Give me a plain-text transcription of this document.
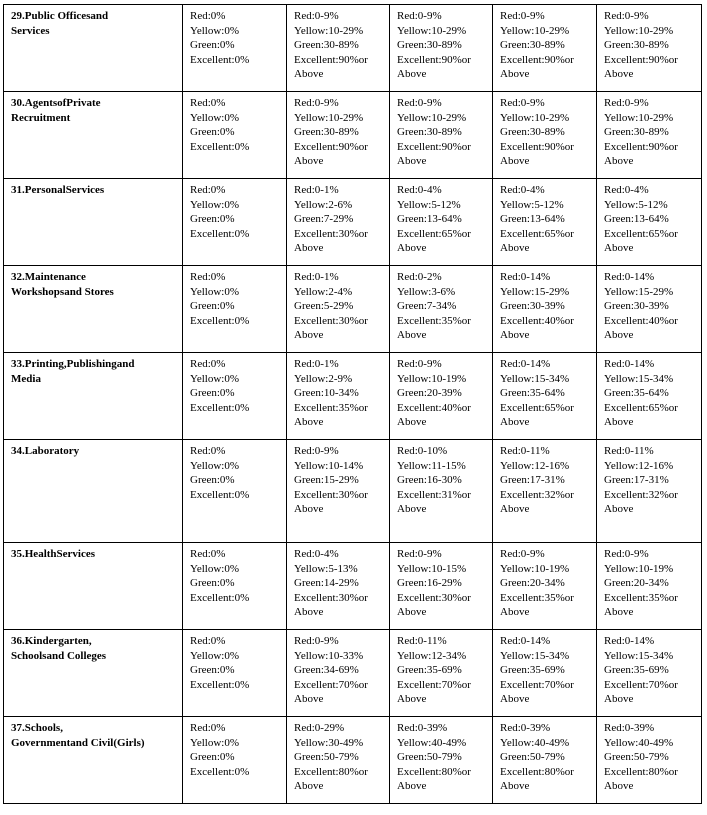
29.Public Officesand
Services	Red:0%
Yellow:0%
Green:0%
Excellent:0%	Red:0-9%
Yellow:10-29%
Green:30-89%
Excellent:90%or
Above	Red:0-9%
Yellow:10-29%
Green:30-89%
Excellent:90%or
Above	Red:0-9%
Yellow:10-29%
Green:30-89%
Excellent:90%or
Above	Red:0-9%
Yellow:10-29%
Green:30-89%
Excellent:90%or
Above

30.AgentsofPrivate
Recruitment	Red:0%
Yellow:0%
Green:0%
Excellent:0%	Red:0-9%
Yellow:10-29%
Green:30-89%
Excellent:90%or
Above	Red:0-9%
Yellow:10-29%
Green:30-89%
Excellent:90%or
Above	Red:0-9%
Yellow:10-29%
Green:30-89%
Excellent:90%or
Above	Red:0-9%
Yellow:10-29%
Green:30-89%
Excellent:90%or
Above

31.PersonalServices	Red:0%
Yellow:0%
Green:0%
Excellent:0%	Red:0-1%
Yellow:2-6%
Green:7-29%
Excellent:30%or
Above	Red:0-4%
Yellow:5-12%
Green:13-64%
Excellent:65%or
Above	Red:0-4%
Yellow:5-12%
Green:13-64%
Excellent:65%or
Above	Red:0-4%
Yellow:5-12%
Green:13-64%
Excellent:65%or
Above

32.Maintenance
Workshopsand Stores	Red:0%
Yellow:0%
Green:0%
Excellent:0%	Red:0-1%
Yellow:2-4%
Green:5-29%
Excellent:30%or
Above	Red:0-2%
Yellow:3-6%
Green:7-34%
Excellent:35%or
Above	Red:0-14%
Yellow:15-29%
Green:30-39%
Excellent:40%or
Above	Red:0-14%
Yellow:15-29%
Green:30-39%
Excellent:40%or
Above

33.Printing,Publishingand
Media	Red:0%
Yellow:0%
Green:0%
Excellent:0%	Red:0-1%
Yellow:2-9%
Green:10-34%
Excellent:35%or
Above	Red:0-9%
Yellow:10-19%
Green:20-39%
Excellent:40%or
Above	Red:0-14%
Yellow:15-34%
Green:35-64%
Excellent:65%or
Above	Red:0-14%
Yellow:15-34%
Green:35-64%
Excellent:65%or
Above

34.Laboratory	Red:0%
Yellow:0%
Green:0%
Excellent:0%	Red:0-9%
Yellow:10-14%
Green:15-29%
Excellent:30%or
Above	Red:0-10%
Yellow:11-15%
Green:16-30%
Excellent:31%or
Above	Red:0-11%
Yellow:12-16%
Green:17-31%
Excellent:32%or
Above	Red:0-11%
Yellow:12-16%
Green:17-31%
Excellent:32%or
Above

35.HealthServices	Red:0%
Yellow:0%
Green:0%
Excellent:0%	Red:0-4%
Yellow:5-13%
Green:14-29%
Excellent:30%or
Above	Red:0-9%
Yellow:10-15%
Green:16-29%
Excellent:30%or
Above	Red:0-9%
Yellow:10-19%
Green:20-34%
Excellent:35%or
Above	Red:0-9%
Yellow:10-19%
Green:20-34%
Excellent:35%or
Above

36.Kindergarten,
Schoolsand Colleges	Red:0%
Yellow:0%
Green:0%
Excellent:0%	Red:0-9%
Yellow:10-33%
Green:34-69%
Excellent:70%or
Above	Red:0-11%
Yellow:12-34%
Green:35-69%
Excellent:70%or
Above	Red:0-14%
Yellow:15-34%
Green:35-69%
Excellent:70%or
Above	Red:0-14%
Yellow:15-34%
Green:35-69%
Excellent:70%or
Above

37.Schools,
Governmentand Civil(Girls)	Red:0%
Yellow:0%
Green:0%
Excellent:0%	Red:0-29%
Yellow:30-49%
Green:50-79%
Excellent:80%or
Above	Red:0-39%
Yellow:40-49%
Green:50-79%
Excellent:80%or
Above	Red:0-39%
Yellow:40-49%
Green:50-79%
Excellent:80%or
Above	Red:0-39%
Yellow:40-49%
Green:50-79%
Excellent:80%or
Above
